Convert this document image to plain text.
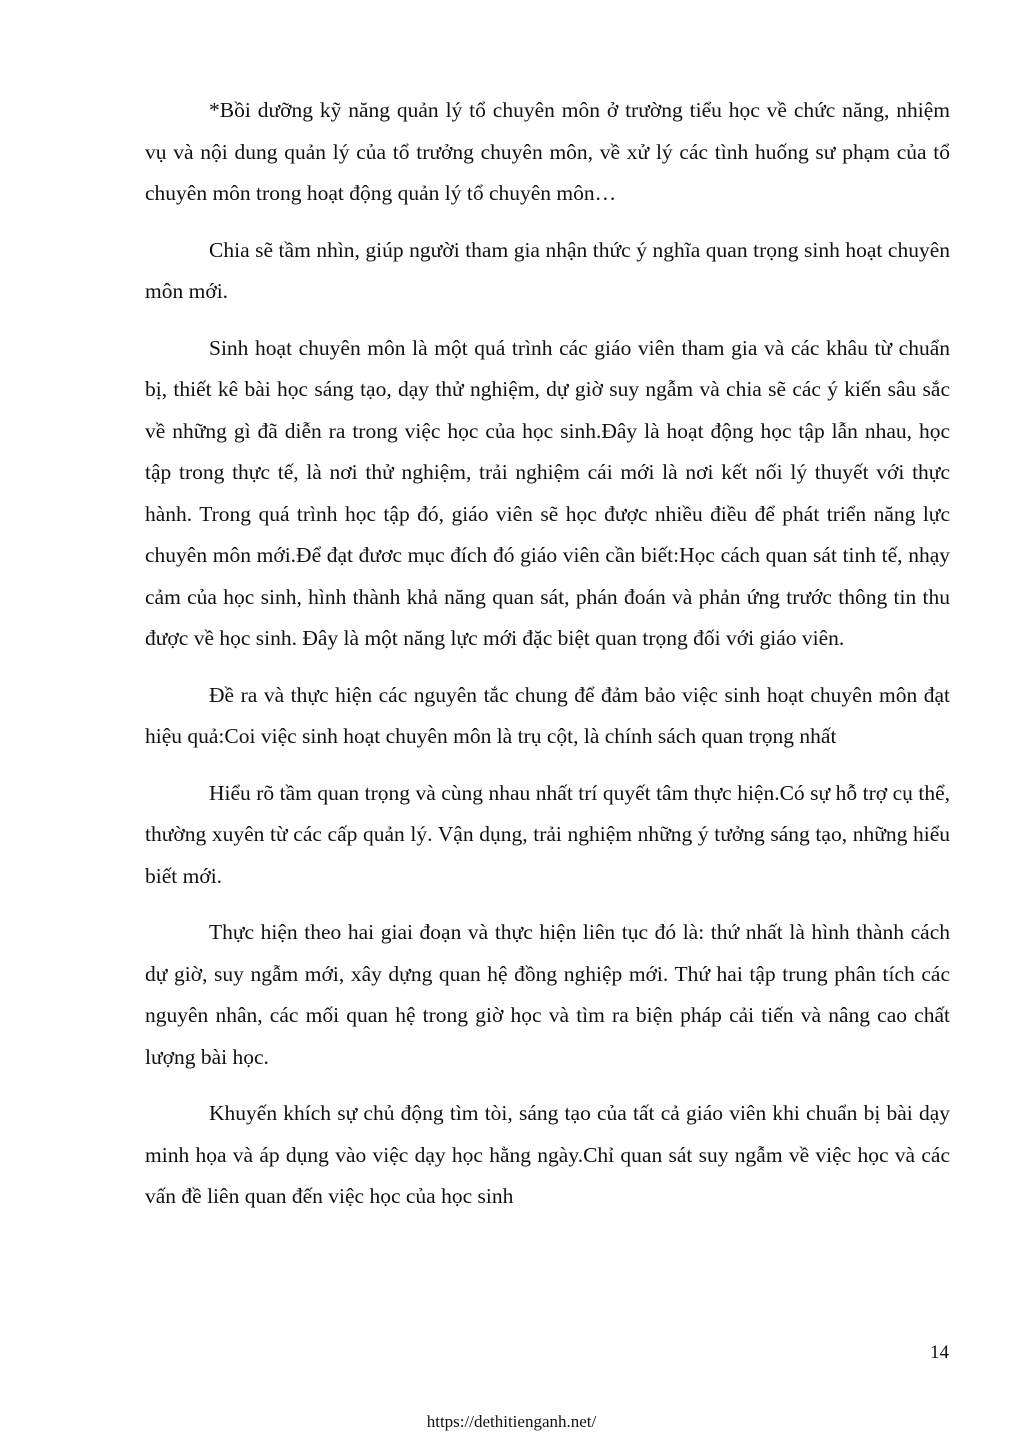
*Bồi dưỡng kỹ năng quản lý tổ chuyên môn ở trường tiểu học về chức năng, nhiệm vụ và nội dung quản lý của tổ trưởng chuyên môn, về xử lý các tình huống sư phạm của tổ chuyên môn trong hoạt động quản lý tổ chuyên môn…

Chia sẽ tầm nhìn, giúp người tham gia nhận thức ý nghĩa quan trọng sinh hoạt chuyên môn mới.

Sinh hoạt chuyên môn là một quá trình các giáo viên tham gia và các khâu từ chuẩn bị, thiết kê bài học sáng tạo, dạy thử nghiệm, dự giờ suy ngẫm và chia sẽ các ý kiến sâu sắc về những gì đã diễn ra trong việc học của học sinh.Đây là hoạt động học tập lẫn nhau, học tập trong thực tế, là nơi thử nghiệm, trải nghiệm cái mới là nơi kết nối lý thuyết với thực hành. Trong quá trình học tập đó, giáo viên sẽ học được nhiều điều để phát triển năng lực chuyên môn mới.Để đạt đươc mục đích đó giáo viên cần biết:Học cách quan sát tinh tế, nhạy cảm của học sinh, hình thành khả năng quan sát, phán đoán và phản ứng trước thông tin thu được về học sinh. Đây là một năng lực mới đặc biệt quan trọng đối với giáo viên.

Đề ra và thực hiện các nguyên tắc chung để đảm bảo việc sinh hoạt chuyên môn đạt hiệu quả:Coi việc sinh hoạt chuyên môn là trụ cột, là chính sách quan trọng nhất

Hiểu rõ tầm quan trọng và cùng nhau nhất trí quyết tâm thực hiện.Có sự hỗ trợ cụ thể, thường xuyên từ các cấp quản lý. Vận dụng, trải nghiệm những ý tưởng sáng tạo, những hiểu biết mới.

Thực hiện theo hai giai đoạn và thực hiện liên tục đó là: thứ nhất là hình thành cách dự giờ, suy ngẫm mới, xây dựng quan hệ đồng nghiệp mới. Thứ hai tập trung phân tích các nguyên nhân, các mối quan hệ trong giờ học và tìm ra biện pháp cải tiến và nâng cao chất lượng bài học.

Khuyến khích sự chủ động tìm tòi, sáng tạo của tất cả giáo viên khi chuẩn bị bài dạy minh họa và áp dụng vào việc dạy học hằng ngày.Chỉ quan sát suy ngẫm về việc học và các vấn đề liên quan đến việc học của học sinh

14
https://dethitienganh.net/
